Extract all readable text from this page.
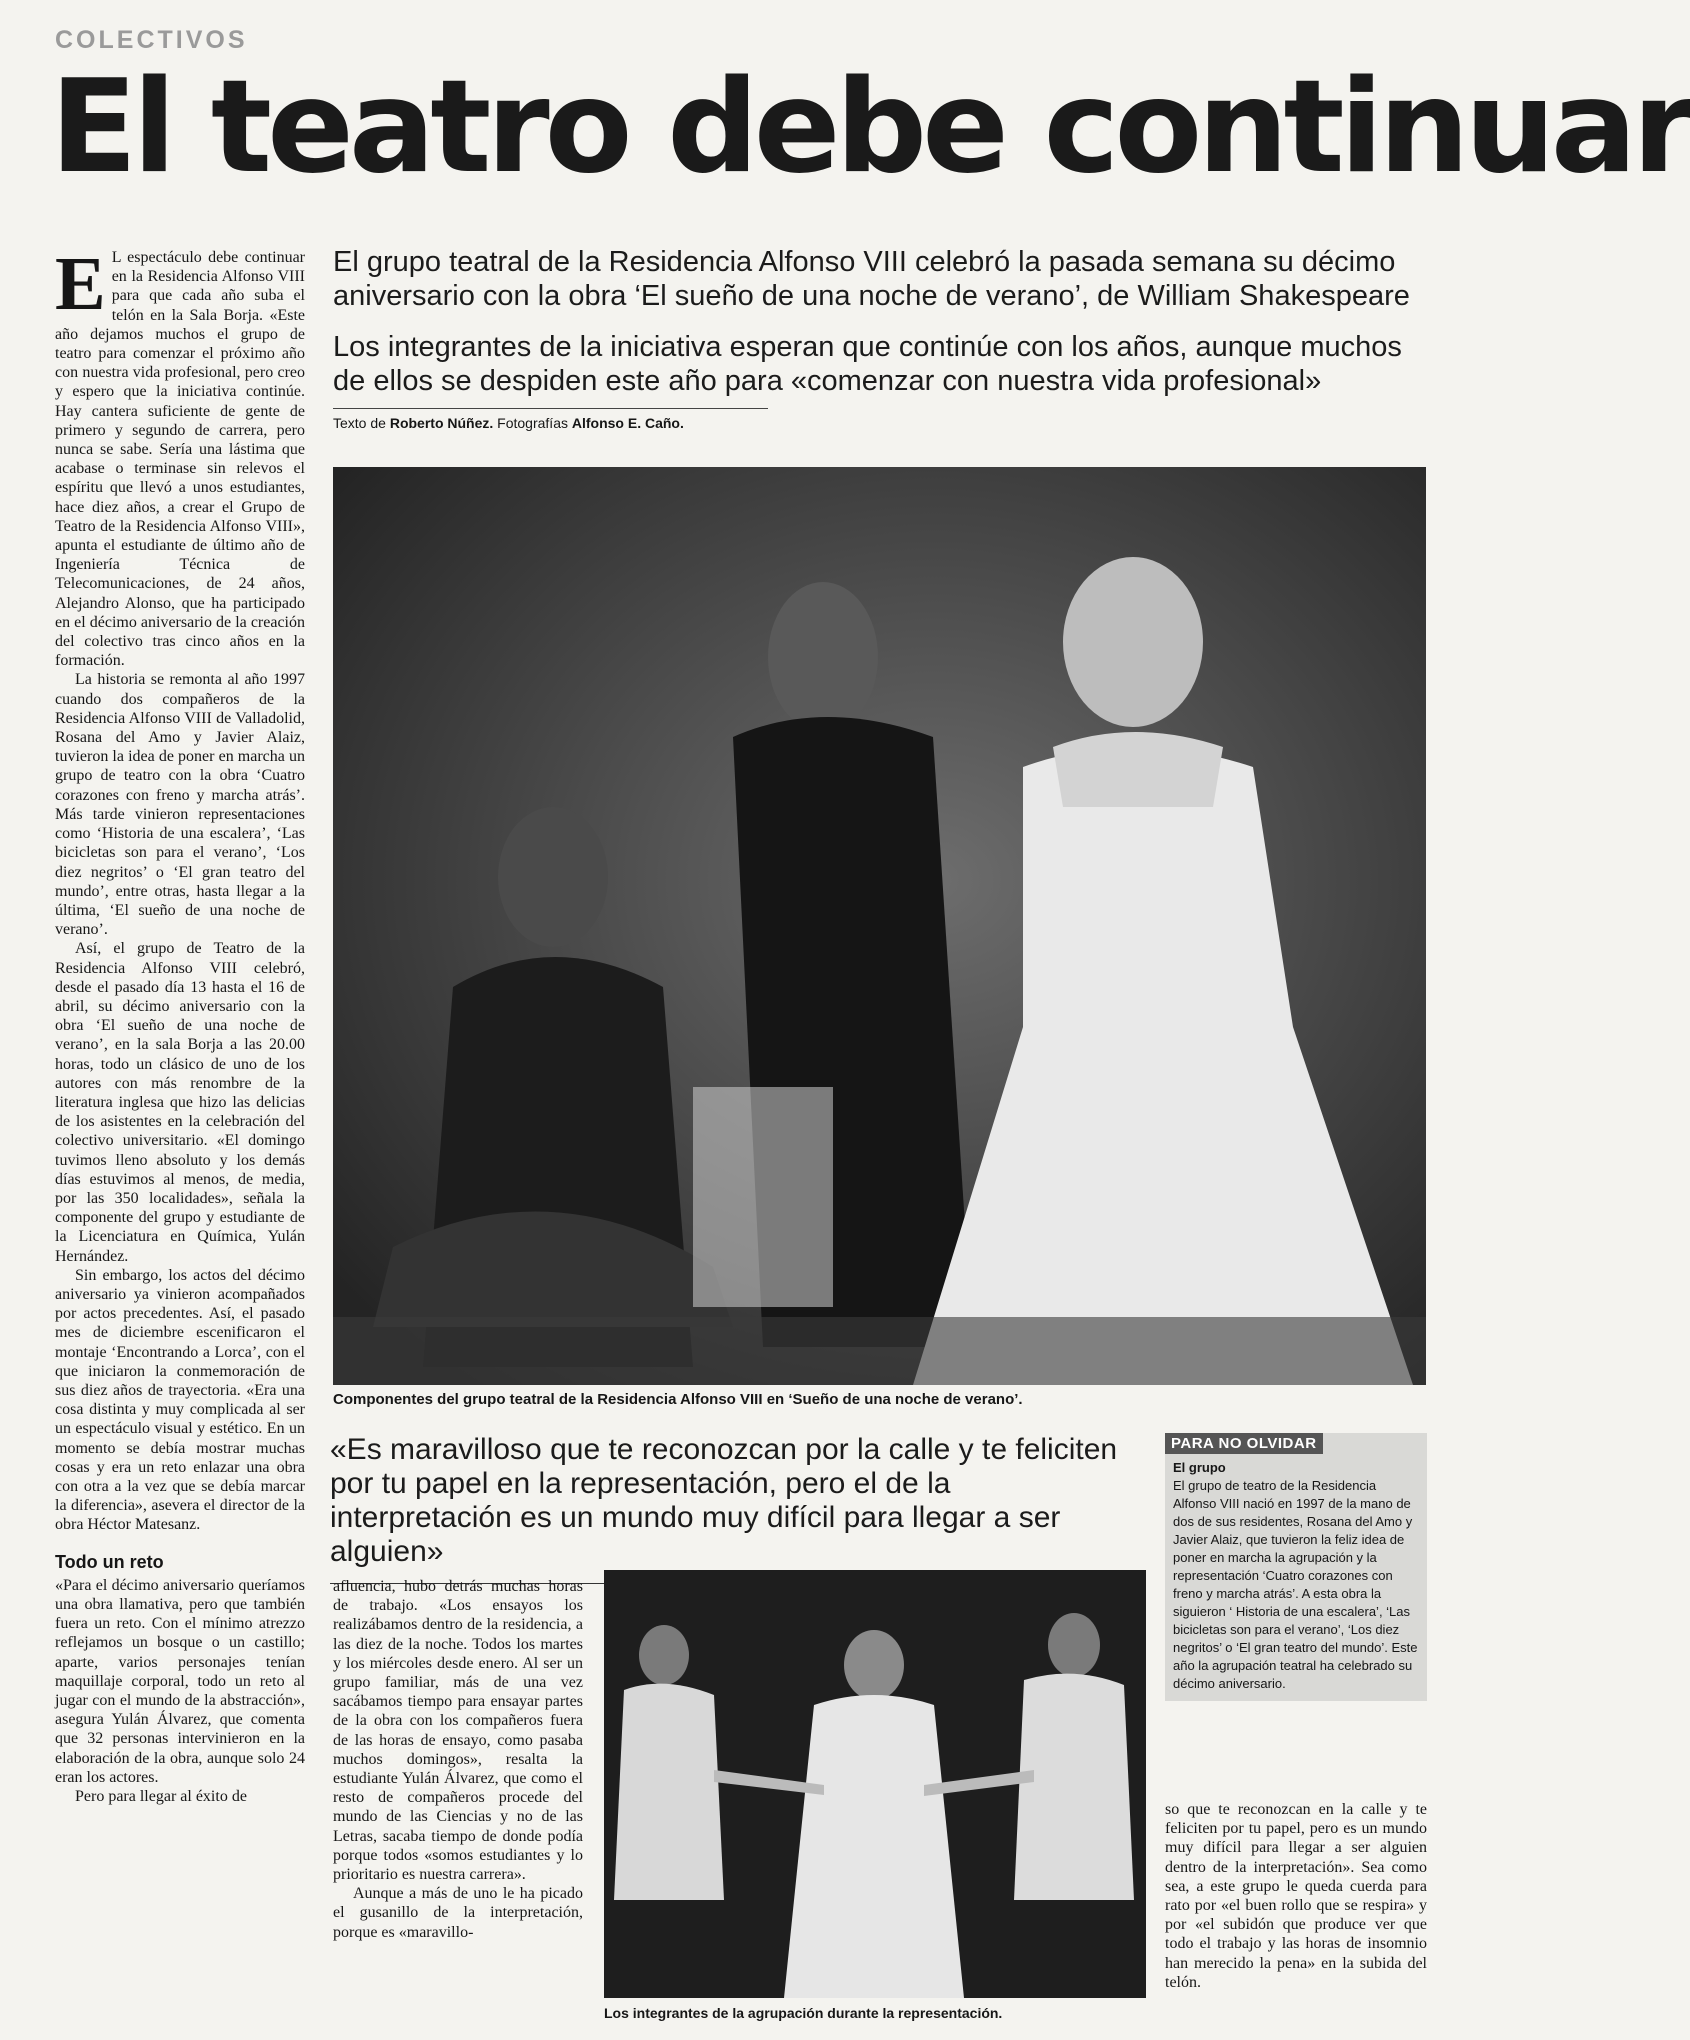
COLECTIVOS
El teatro debe continuar
E L espectáculo debe continuar en la Residencia Alfonso VIII para que cada año suba el telón en la Sala Borja. «Este año dejamos muchos el grupo de teatro para comenzar el próximo año con nuestra vida profesional, pero creo y espero que la iniciativa continúe. Hay cantera suficiente de gente de primero y segundo de carrera, pero nunca se sabe. Sería una lástima que acabase o terminase sin relevos el espíritu que llevó a unos estudiantes, hace diez años, a crear el Grupo de Teatro de la Residencia Alfonso VIII», apunta el estudiante de último año de Ingeniería Técnica de Telecomunicaciones, de 24 años, Alejandro Alonso, que ha participado en el décimo aniversario de la creación del colectivo tras cinco años en la formación.

La historia se remonta al año 1997 cuando dos compañeros de la Residencia Alfonso VIII de Valladolid, Rosana del Amo y Javier Alaiz, tuvieron la idea de poner en marcha un grupo de teatro con la obra ‘Cuatro corazones con freno y marcha atrás’. Más tarde vinieron representaciones como ‘Historia de una escalera’, ‘Las bicicletas son para el verano’, ‘Los diez negritos’ o ‘El gran teatro del mundo’, entre otras, hasta llegar a la última, ‘El sueño de una noche de verano’.

Así, el grupo de Teatro de la Residencia Alfonso VIII celebró, desde el pasado día 13 hasta el 16 de abril, su décimo aniversario con la obra ‘El sueño de una noche de verano’, en la sala Borja a las 20.00 horas, todo un clásico de uno de los autores con más renombre de la literatura inglesa que hizo las delicias de los asistentes en la celebración del colectivo universitario. «El domingo tuvimos lleno absoluto y los demás días estuvimos al menos, de media, por las 350 localidades», señala la componente del grupo y estudiante de la Licenciatura en Química, Yulán Hernández.

Sin embargo, los actos del décimo aniversario ya vinieron acompañados por actos precedentes. Así, el pasado mes de diciembre escenificaron el montaje ‘Encontrando a Lorca’, con el que iniciaron la conmemoración de sus diez años de trayectoria. «Era una cosa distinta y muy complicada al ser un espectáculo visual y estético. En un momento se debía mostrar muchas cosas y era un reto enlazar una obra con otra a la vez que se debía marcar la diferencia», asevera el director de la obra Héctor Matesanz.

Todo un reto

«Para el décimo aniversario queríamos una obra llamativa, pero que también fuera un reto. Con el mínimo atrezzo reflejamos un bosque o un castillo; aparte, varios personajes tenían maquillaje corporal, todo un reto al jugar con el mundo de la abstracción», asegura Yulán Álvarez, que comenta que 32 personas intervinieron en la elaboración de la obra, aunque solo 24 eran los actores.

Pero para llegar al éxito de

El grupo teatral de la Residencia Alfonso VIII celebró la pasada semana su décimo aniversario con la obra ‘El sueño de una noche de verano’, de William Shakespeare
Los integrantes de la iniciativa esperan que continúe con los años, aunque muchos de ellos se despiden este año para «comenzar con nuestra vida profesional»
Texto de Roberto Núñez. Fotografías Alfonso E. Caño.
Componentes del grupo teatral de la Residencia Alfonso VIII en ‘Sueño de una noche de verano’.
«Es maravilloso que te reconozcan por la calle y te feliciten por tu papel en la representación, pero el de la interpretación es un mundo muy difícil para llegar a ser alguien»
PARA NO OLVIDAR
El grupo
El grupo de teatro de la Residencia Alfonso VIII nació en 1997 de la mano de dos de sus residentes, Rosana del Amo y Javier Alaiz, que tuvieron la feliz idea de poner en marcha la agrupación y la representación ‘Cuatro corazones con freno y marcha atrás’. A esta obra la siguieron ‘ Historia de una escalera’, ‘Las bicicletas son para el verano’, ‘Los diez negritos’ o ‘El gran teatro del mundo’. Este año la agrupación teatral ha celebrado su décimo aniversario.

afluencia, hubo detrás muchas horas de trabajo. «Los ensayos los realizábamos dentro de la residencia, a las diez de la noche. Todos los martes y los miércoles desde enero. Al ser un grupo familiar, más de una vez sacábamos tiempo para ensayar partes de la obra con los compañeros fuera de las horas de ensayo, como pasaba muchos domingos», resalta la estudiante Yulán Álvarez, que como el resto de compañeros procede del mundo de las Ciencias y no de las Letras, sacaba tiempo de donde podía porque todos «somos estudiantes y lo prioritario es nuestra carrera».

Aunque a más de uno le ha picado el gusanillo de la interpretación, porque es «maravillo-

Los integrantes de la agrupación durante la representación.

so que te reconozcan en la calle y te feliciten por tu papel, pero es un mundo muy difícil para llegar a ser alguien dentro de la interpretación». Sea como sea, a este grupo le queda cuerda para rato por «el buen rollo que se respira» y por «el subidón que produce ver que todo el trabajo y las horas de insomnio han merecido la pena» en la subida del telón.
